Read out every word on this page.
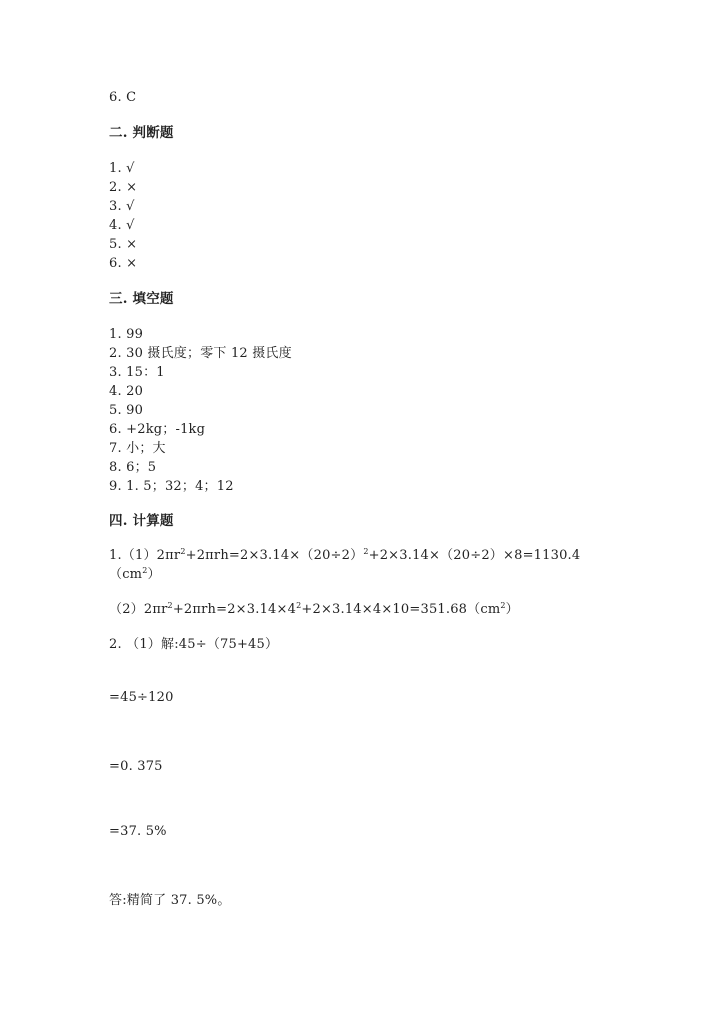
6. C
二. 判断题
1. √
2. ×
3. √
4. √
5. ×
6. ×
三. 填空题
1. 99
2. 30 摄氏度；零下 12 摄氏度
3. 15：1
4. 20
5. 90
6. +2kg；-1kg
7. 小；大
8. 6；5
9. 1. 5；32；4；12
四. 计算题
$1.(1)2\pi r^2+2\pi rh=2\times 3.14\times(20\div 2)^2+2\times 3.14\times(20\div 2)\times 8=1130.4$
$(cm^2)$
$(2)2\pi r^2+2\pi rh=2\times 3.14\times 4^2+2\times 3.14\times 4\times 10=351.68(cm^2)$
2. （1）解:45÷（75+45）
=45÷120
=0. 375
=37. 5%
答:精简了 37. 5%。
